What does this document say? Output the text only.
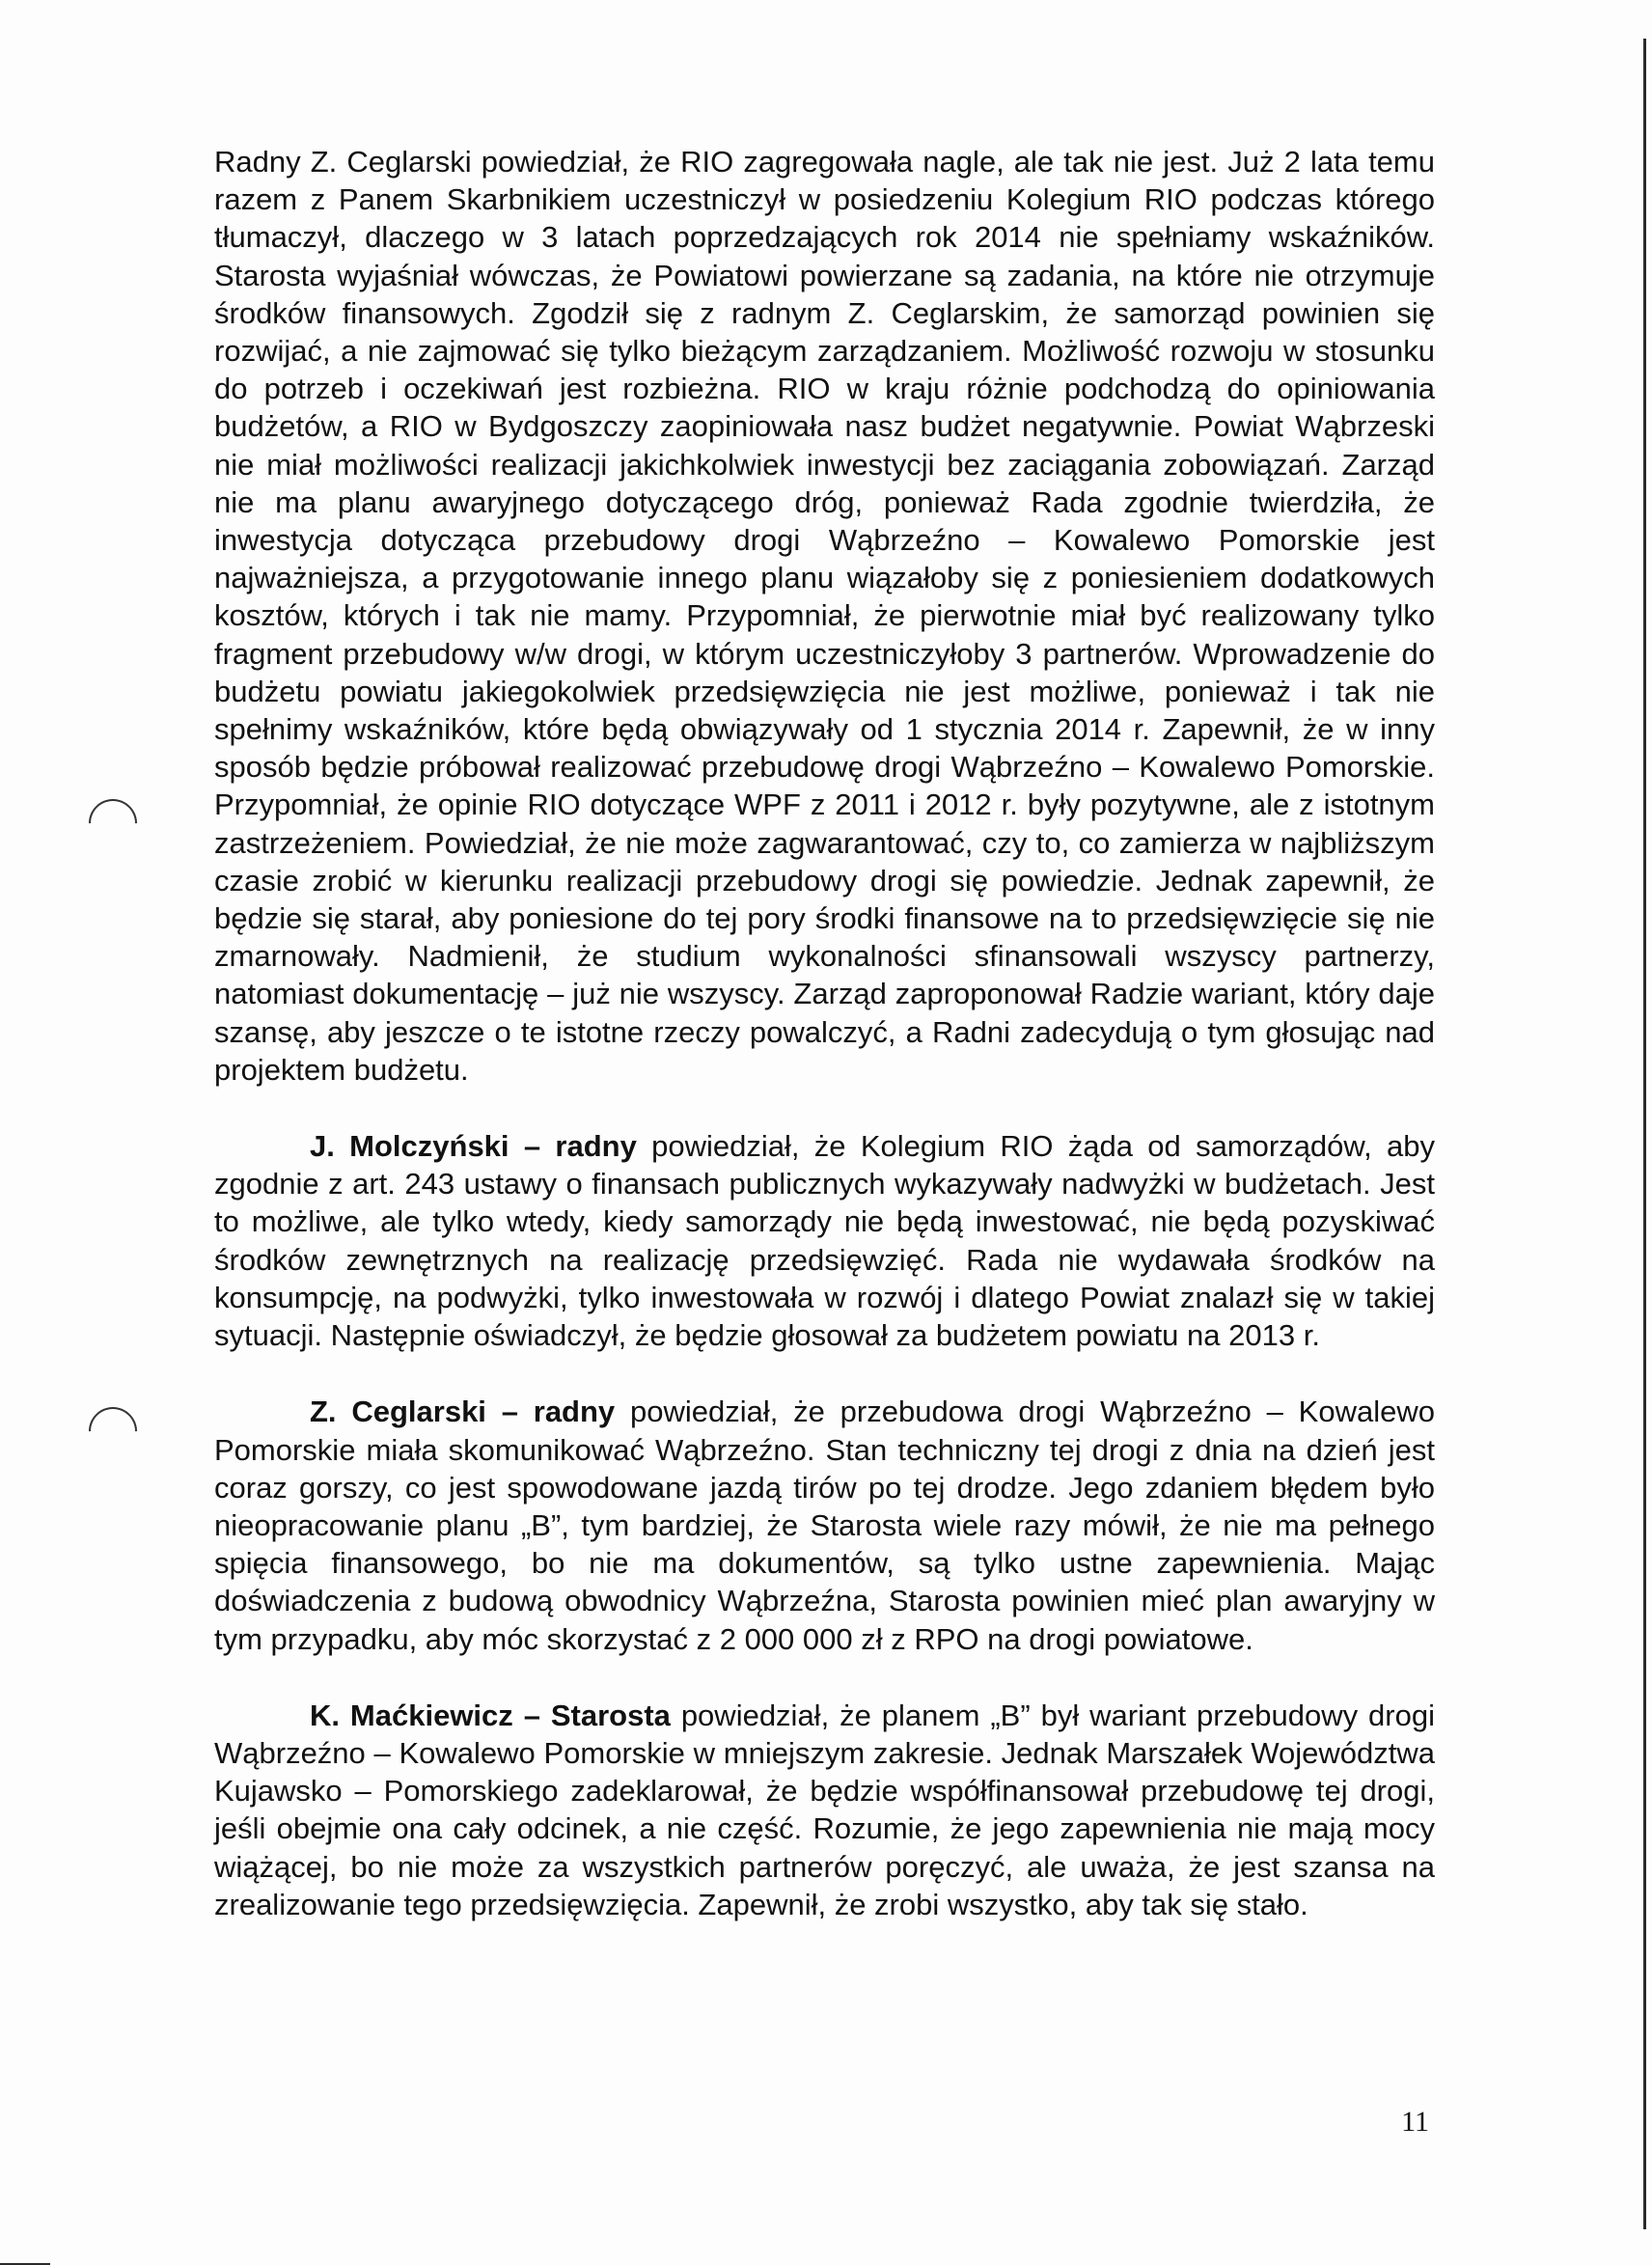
Radny Z. Ceglarski powiedział, że RIO zagregowała nagle, ale tak nie jest. Już 2 lata temu razem z Panem Skarbnikiem uczestniczył w posiedzeniu Kolegium RIO podczas którego tłumaczył, dlaczego w 3 latach poprzedzających rok 2014 nie spełniamy wskaźników. Starosta wyjaśniał wówczas, że Powiatowi powierzane są zadania, na które nie otrzymuje środków finansowych. Zgodził się z radnym Z. Ceglarskim, że samorząd powinien się rozwijać, a nie zajmować się tylko bieżącym zarządzaniem. Możliwość rozwoju w stosunku do potrzeb i oczekiwań jest rozbieżna. RIO w kraju różnie podchodzą do opiniowania budżetów, a RIO w Bydgoszczy zaopiniowała nasz budżet negatywnie. Powiat Wąbrzeski nie miał możliwości realizacji jakichkolwiek inwestycji bez zaciągania zobowiązań. Zarząd nie ma planu awaryjnego dotyczącego dróg, ponieważ Rada zgodnie twierdziła, że inwestycja dotycząca przebudowy drogi Wąbrzeźno – Kowalewo Pomorskie jest najważniejsza, a przygotowanie innego planu wiązałoby się z poniesieniem dodatkowych kosztów, których i tak nie mamy. Przypomniał, że pierwotnie miał być realizowany tylko fragment przebudowy w/w drogi, w którym uczestniczyłoby 3 partnerów. Wprowadzenie do budżetu powiatu jakiegokolwiek przedsięwzięcia nie jest możliwe, ponieważ i tak nie spełnimy wskaźników, które będą obwiązywały od 1 stycznia 2014 r. Zapewnił, że w inny sposób będzie próbował realizować przebudowę drogi Wąbrzeźno – Kowalewo Pomorskie. Przypomniał, że opinie RIO dotyczące WPF z 2011 i 2012 r. były pozytywne, ale z istotnym zastrzeżeniem. Powiedział, że nie może zagwarantować, czy to, co zamierza w najbliższym czasie zrobić w kierunku realizacji przebudowy drogi się powiedzie. Jednak zapewnił, że będzie się starał, aby poniesione do tej pory środki finansowe na to przedsięwzięcie się nie zmarnowały. Nadmienił, że studium wykonalności sfinansowali wszyscy partnerzy, natomiast dokumentację – już nie wszyscy. Zarząd zaproponował Radzie wariant, który daje szansę, aby jeszcze o te istotne rzeczy powalczyć, a Radni zadecydują o tym głosując nad projektem budżetu.

J. Molczyński – radny powiedział, że Kolegium RIO żąda od samorządów, aby zgodnie z art. 243 ustawy o finansach publicznych wykazywały nadwyżki w budżetach. Jest to możliwe, ale tylko wtedy, kiedy samorządy nie będą inwestować, nie będą pozyskiwać środków zewnętrznych na realizację przedsięwzięć. Rada nie wydawała środków na konsumpcję, na podwyżki, tylko inwestowała w rozwój i dlatego Powiat znalazł się w takiej sytuacji. Następnie oświadczył, że będzie głosował za budżetem powiatu na 2013 r.

Z. Ceglarski – radny powiedział, że przebudowa drogi Wąbrzeźno – Kowalewo Pomorskie miała skomunikować Wąbrzeźno. Stan techniczny tej drogi z dnia na dzień jest coraz gorszy, co jest spowodowane jazdą tirów po tej drodze. Jego zdaniem błędem było nieopracowanie planu „B”, tym bardziej, że Starosta wiele razy mówił, że nie ma pełnego spięcia finansowego, bo nie ma dokumentów, są tylko ustne zapewnienia. Mając doświadczenia z budową obwodnicy Wąbrzeźna, Starosta powinien mieć plan awaryjny w tym przypadku, aby móc skorzystać z 2 000 000 zł z RPO na drogi powiatowe.

K. Maćkiewicz – Starosta powiedział, że planem „B” był wariant przebudowy drogi Wąbrzeźno – Kowalewo Pomorskie w mniejszym zakresie. Jednak Marszałek Województwa Kujawsko – Pomorskiego zadeklarował, że będzie współfinansował przebudowę tej drogi, jeśli obejmie ona cały odcinek, a nie część. Rozumie, że jego zapewnienia nie mają mocy wiążącej, bo nie może za wszystkich partnerów poręczyć, ale uważa, że jest szansa na zrealizowanie tego przedsięwzięcia. Zapewnił, że zrobi wszystko, aby tak się stało.

11
